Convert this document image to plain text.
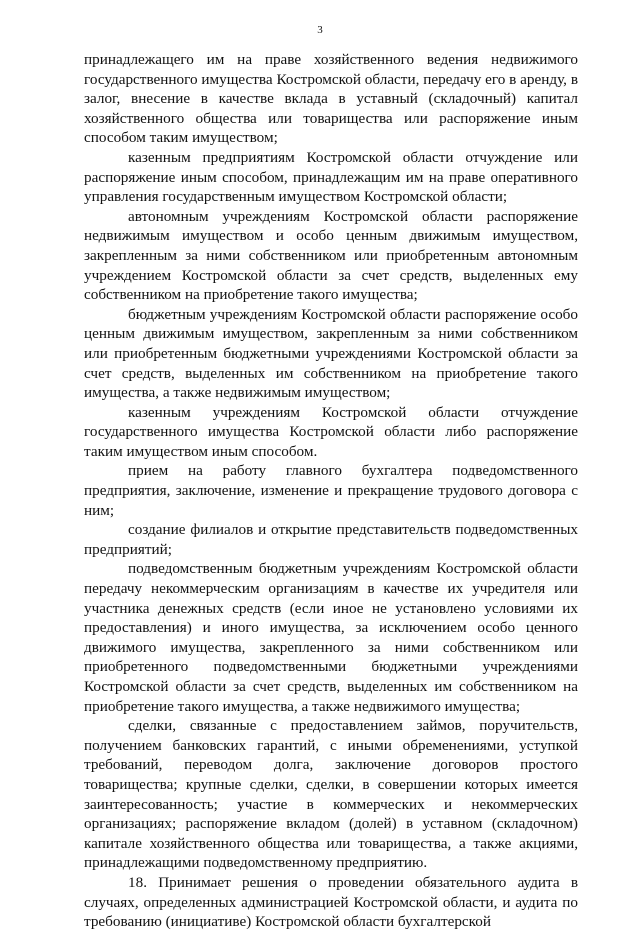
3

принадлежащего им на праве хозяйственного ведения недвижимого государственного имущества Костромской области, передачу его в аренду, в залог, внесение в качестве вклада в уставный (складочный) капитал хозяйственного общества или товарищества или распоряжение иным способом таким имуществом;

казенным предприятиям Костромской области отчуждение или распоряжение иным способом, принадлежащим им на праве оперативного управления государственным имуществом Костромской области;

автономным учреждениям Костромской области распоряжение недвижимым имуществом и особо ценным движимым имуществом, закрепленным за ними собственником или приобретенным автономным учреждением Костромской области за счет средств, выделенных ему собственником на приобретение такого имущества;

бюджетным учреждениям Костромской области распоряжение особо ценным движимым имуществом, закрепленным за ними собственником или приобретенным бюджетными учреждениями Костромской области за счет средств, выделенных им собственником на приобретение такого имущества, а также недвижимым имуществом;

казенным учреждениям Костромской области отчуждение государственного имущества Костромской области либо распоряжение таким имуществом иным способом.

прием на работу главного бухгалтера подведомственного предприятия, заключение, изменение и прекращение трудового договора с ним;

создание филиалов и открытие представительств подведомственных предприятий;

подведомственным бюджетным учреждениям Костромской области передачу некоммерческим организациям в качестве их учредителя или участника денежных средств (если иное не установлено условиями их предоставления) и иного имущества, за исключением особо ценного движимого имущества, закрепленного за ними собственником или приобретенного подведомственными бюджетными учреждениями Костромской области за счет средств, выделенных им собственником на приобретение такого имущества, а также недвижимого имущества;

сделки, связанные с предоставлением займов, поручительств, получением банковских гарантий, с иными обременениями, уступкой требований, переводом долга, заключение договоров простого товарищества; крупные сделки, сделки, в совершении которых имеется заинтересованность; участие в коммерческих и некоммерческих организациях; распоряжение вкладом (долей) в уставном (складочном) капитале хозяйственного общества или товарищества, а также акциями, принадлежащими подведомственному предприятию.

18. Принимает решения о проведении обязательного аудита в случаях, определенных администрацией Костромской области, и аудита по требованию (инициативе) Костромской области бухгалтерской
